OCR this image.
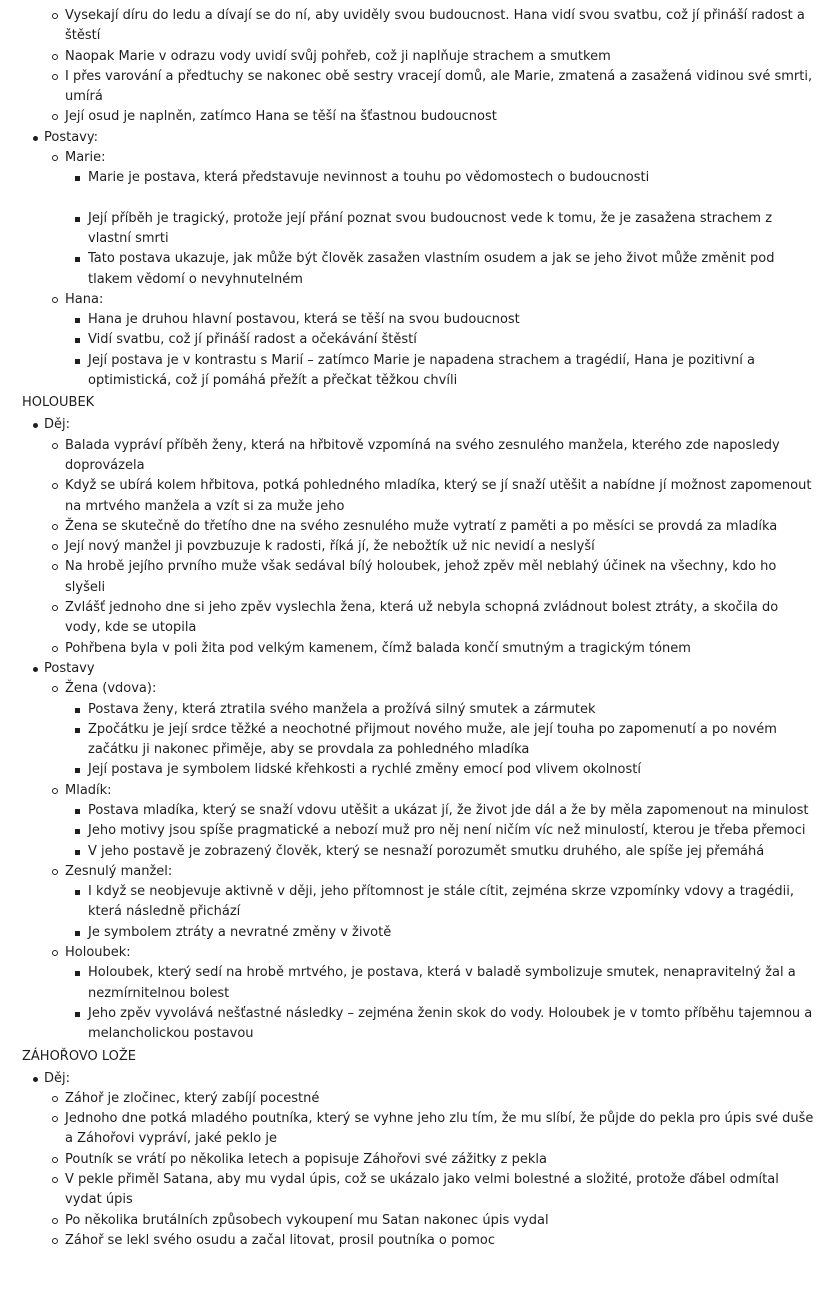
Vysekají díru do ledu a dívají se do ní, aby uviděly svou budoucnost. Hana vidí svou svatbu, což jí přináší radost a štěstí
Naopak Marie v odrazu vody uvidí svůj pohřeb, což ji naplňuje strachem a smutkem
I přes varování a předtuchy se nakonec obě sestry vracejí domů, ale Marie, zmatená a zasažená vidinou své smrti, umírá
Její osud je naplněn, zatímco Hana se těší na šťastnou budoucnost
Postavy:
Marie:
Marie je postava, která představuje nevinnost a touhu po vědomostech o budoucnosti
Její příběh je tragický, protože její přání poznat svou budoucnost vede k tomu, že je zasažena strachem z vlastní smrti
Tato postava ukazuje, jak může být člověk zasažen vlastním osudem a jak se jeho život může změnit pod tlakem vědomí o nevyhnutelném
Hana:
Hana je druhou hlavní postavou, která se těší na svou budoucnost
Vidí svatbu, což jí přináší radost a očekávání štěstí
Její postava je v kontrastu s Marií – zatímco Marie je napadena strachem a tragédií, Hana je pozitivní a optimistická, což jí pomáhá přežít a přečkat těžkou chvíli
HOLOUBEK
Děj:
Balada vypráví příběh ženy, která na hřbitově vzpomíná na svého zesnulého manžela, kterého zde naposledy doprovázela
Když se ubírá kolem hřbitova, potká pohledného mladíka, který se jí snaží utěšit a nabídne jí možnost zapomenout na mrtvého manžela a vzít si za muže jeho
Žena se skutečně do třetího dne na svého zesnulého muže vytratí z paměti a po měsíci se provdá za mladíka
Její nový manžel ji povzbuzuje k radosti, říká jí, že nebožtík už nic nevidí a neslyší
Na hrobě jejího prvního muže však sedával bílý holoubek, jehož zpěv měl neblahý účinek na všechny, kdo ho slyšeli
Zvlášť jednoho dne si jeho zpěv vyslechla žena, která už nebyla schopná zvládnout bolest ztráty, a skočila do vody, kde se utopila
Pohřbena byla v poli žita pod velkým kamenem, čímž balada končí smutným a tragickým tónem
Postavy
Žena (vdova):
Postava ženy, která ztratila svého manžela a prožívá silný smutek a zármutek
Zpočátku je její srdce těžké a neochotné přijmout nového muže, ale její touha po zapomenutí a po novém začátku ji nakonec přiměje, aby se provdala za pohledného mladíka
Její postava je symbolem lidské křehkosti a rychlé změny emocí pod vlivem okolností
Mladík:
Postava mladíka, který se snaží vdovu utěšit a ukázat jí, že život jde dál a že by měla zapomenout na minulost
Jeho motivy jsou spíše pragmatické a nebozí muž pro něj není ničím víc než minulostí, kterou je třeba přemoci
V jeho postavě je zobrazený člověk, který se nesnaží porozumět smutku druhého, ale spíše jej přemáhá
Zesnulý manžel:
I když se neobjevuje aktivně v ději, jeho přítomnost je stále cítit, zejména skrze vzpomínky vdovy a tragédii, která následně přichází
Je symbolem ztráty a nevratné změny v životě
Holoubek:
Holoubek, který sedí na hrobě mrtvého, je postava, která v baladě symbolizuje smutek, nenapravitelný žal a nezmírnitelnou bolest
Jeho zpěv vyvolává nešťastné následky – zejména ženin skok do vody. Holoubek je v tomto příběhu tajemnou a melancholickou postavou
ZÁHOŘOVO LOŽE
Děj:
Záhoř je zločinec, který zabíjí pocestné
Jednoho dne potká mladého poutníka, který se vyhne jeho zlu tím, že mu slíbí, že půjde do pekla pro úpis své duše a Záhořovi vypráví, jaké peklo je
Poutník se vrátí po několika letech a popisuje Záhořovi své zážitky z pekla
V pekle přiměl Satana, aby mu vydal úpis, což se ukázalo jako velmi bolestné a složité, protože ďábel odmítal vydat úpis
Po několika brutálních způsobech vykoupení mu Satan nakonec úpis vydal
Záhoř se lekl svého osudu a začal litovat, prosil poutníka o pomoc
